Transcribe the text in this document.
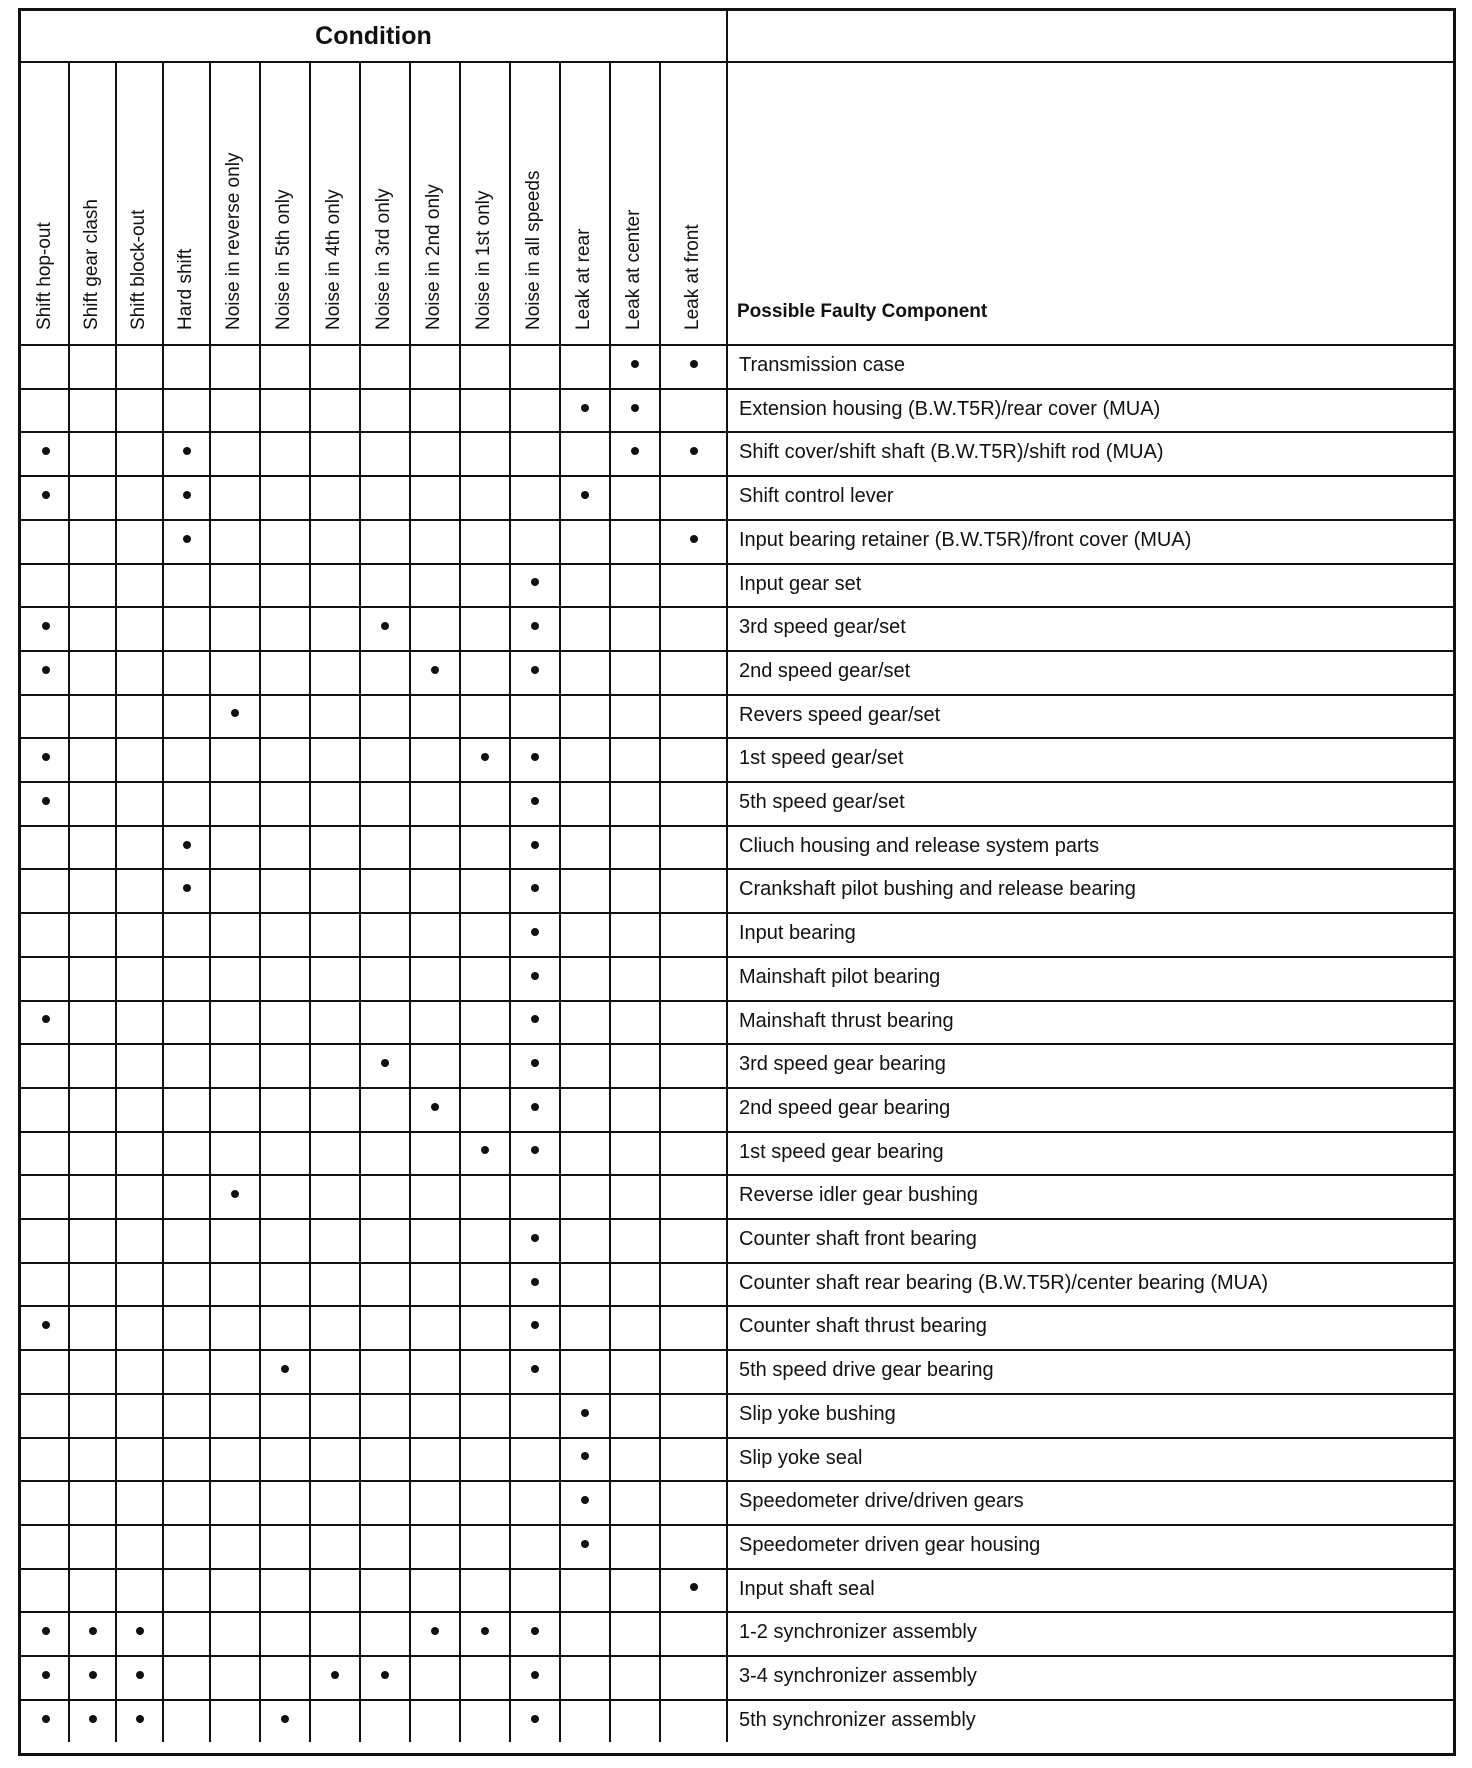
Condition
Possible Faulty Component
Shift hop-out Shift gear clash Shift block-out Hard shift Noise in reverse only Noise in 5th only Noise in 4th only Noise in 3rd only Noise in 2nd only Noise in 1st only Noise in all speeds Leak at rear Leak at center Leak at front
Transmission case
Extension housing (B.W.T5R)/rear cover (MUA)
Shift cover/shift shaft (B.W.T5R)/shift rod (MUA)
Shift control lever
Input bearing retainer (B.W.T5R)/front cover (MUA)
Input gear set
3rd speed gear/set
2nd speed gear/set
Revers speed gear/set
1st speed gear/set
5th speed gear/set
Cliuch housing and release system parts
Crankshaft pilot bushing and release bearing
Input bearing
Mainshaft pilot bearing
Mainshaft thrust bearing
3rd speed gear bearing
2nd speed gear bearing
1st speed gear bearing
Reverse idler gear bushing
Counter shaft front bearing
Counter shaft rear bearing (B.W.T5R)/center bearing (MUA)
Counter shaft thrust bearing
5th speed drive gear bearing
Slip yoke bushing
Slip yoke seal
Speedometer drive/driven gears
Speedometer driven gear housing
Input shaft seal
1-2 synchronizer assembly
3-4 synchronizer assembly
5th synchronizer assembly
